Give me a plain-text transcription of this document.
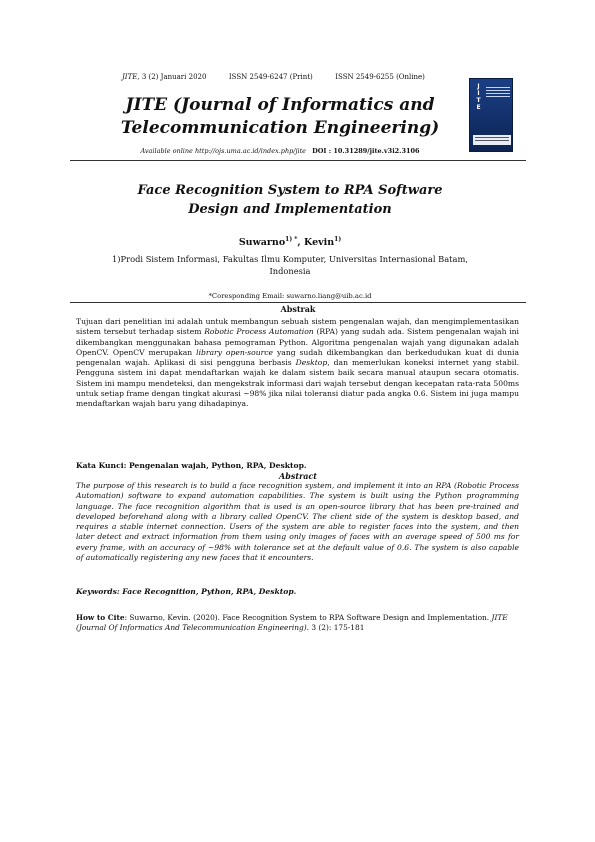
JITE, 3 (2) Januari 2020	ISSN 2549-6247 (Print)	ISSN 2549-6255 (Online)
JITE
JITE (Journal of Informatics and
Telecommunication Engineering)
Available online http://ojs.uma.ac.id/index.php/jite DOI : 10.31289/jite.v3i2.3106
Face Recognition System to RPA Software
Design and Implementation
Suwarno$^{1) *}$, Kevin$^{1)}$
1)Prodi Sistem Informasi, Fakultas Ilmu Komputer, Universitas Internasional Batam,
Indonesia
*Coresponding Email: suwarno.liang@uib.ac.id
Abstrak
Tujuan dari penelitian ini adalah untuk membangun sebuah sistem pengenalan wajah, dan mengimplementasikan sistem tersebut terhadap sistem Robotic Process Automation (RPA) yang sudah ada. Sistem pengenalan wajah ini dikembangkan menggunakan bahasa pemograman Python. Algoritma pengenalan wajah yang digunakan adalah OpenCV. OpenCV merupakan library open-source yang sudah dikembangkan dan berkedudukan kuat di dunia pengenalan wajah. Aplikasi di sisi pengguna berbasis Desktop, dan memerlukan koneksi internet yang stabil. Pengguna sistem ini dapat mendaftarkan wajah ke dalam sistem baik secara manual ataupun secara otomatis. Sistem ini mampu mendeteksi, dan mengekstrak informasi dari wajah tersebut dengan kecepatan rata-rata 500ms untuk setiap frame dengan tingkat akurasi ~98% jika nilai toleransi diatur pada angka 0.6. Sistem ini juga mampu mendaftarkan wajah baru yang dihadapinya.
Kata Kunci: Pengenalan wajah, Python, RPA, Desktop.
Abstract
The purpose of this research is to build a face recognition system, and implement it into an RPA (Robotic Process Automation) software to expand automation capabilities. The system is built using the Python programming language. The face recognition algorithm that is used is an open-source library that has been pre-trained and developed beforehand along with a library called OpenCV. The client side of the system is desktop based, and requires a stable internet connection. Users of the system are able to register faces into the system, and then later detect and extract information from them using only images of faces with an average speed of 500 ms for every frame, with an accuracy of ~98% with tolerance set at the default value of 0.6. The system is also capable of automatically registering any new faces that it encounters.
Keywords: Face Recognition, Python, RPA, Desktop.
How to Cite: Suwarno, Kevin. (2020). Face Recognition System to RPA Software Design and Implementation. JITE (Journal Of Informatics And Telecommunication Engineering). 3 (2): 175-181
